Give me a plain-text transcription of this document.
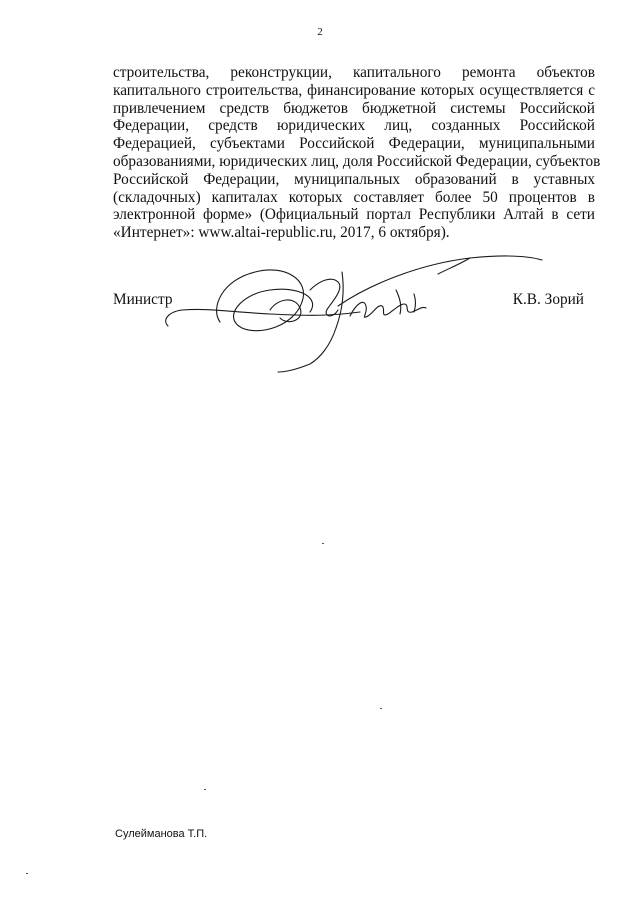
2

строительства, реконструкции, капитального ремонта объектов
капитального строительства, финансирование которых осуществляется с
привлечением средств бюджетов бюджетной системы Российской
Федерации, средств юридических лиц, созданных Российской
Федерацией, субъектами Российской Федерации, муниципальными
образованиями, юридических лиц, доля Российской Федерации, субъектов
Российской Федерации, муниципальных образований в уставных
(складочных) капиталах которых составляет более 50 процентов в
электронной форме» (Официальный портал Республики Алтай в сети
«Интернет»: www.altai-republic.ru, 2017, 6 октября).

Министр	К.В. Зорий
Сулейманова Т.П.
